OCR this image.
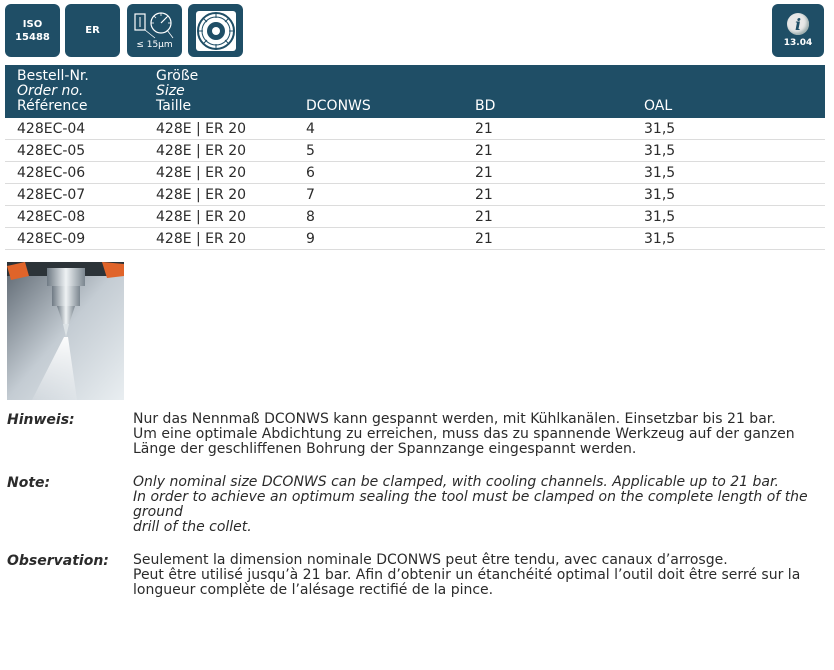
ISO
15488
ER
≤ 15µm
i
13.04
Bestell-Nr.
Order no.
Référence	Größe
Size
Taille	DCONWS	BD	OAL
428EC-04	428E | ER 20	4	21	31,5
428EC-05	428E | ER 20	5	21	31,5
428EC-06	428E | ER 20	6	21	31,5
428EC-07	428E | ER 20	7	21	31,5
428EC-08	428E | ER 20	8	21	31,5
428EC-09	428E | ER 20	9	21	31,5
Hinweis:	Nur das Nennmaß DCONWS kann gespannt werden, mit Kühlkanälen. Einsetzbar bis 21 bar.
Um eine optimale Abdichtung zu erreichen, muss das zu spannende Werkzeug auf der ganzen
Länge der geschliffenen Bohrung der Spannzange eingespannt werden.
Note:	Only nominal size DCONWS can be clamped, with cooling channels. Applicable up to 21 bar.
In order to achieve an optimum sealing the tool must be clamped on the complete length of the ground
drill of the collet.
Observation:	Seulement la dimension nominale DCONWS peut être tendu, avec canaux d’arrosge.
Peut être utilisé jusqu’à 21 bar. Afin d’obtenir un étanchéité optimal l’outil doit être serré sur la
longueur complète de l’alésage rectifié de la pince.
